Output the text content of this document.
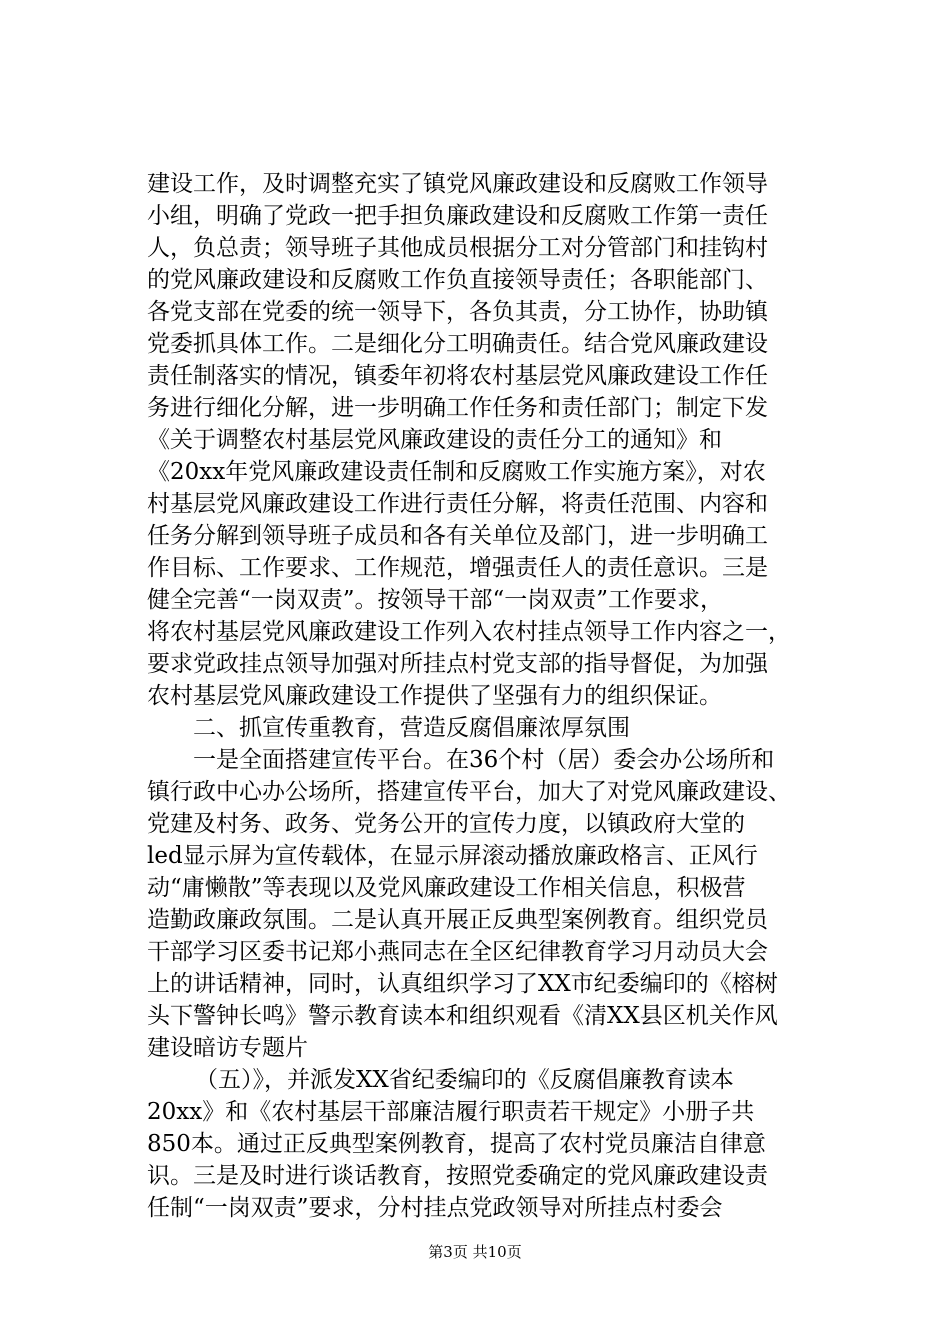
建设工作，及时调整充实了镇党风廉政建设和反腐败工作领导
小组，明确了党政一把手担负廉政建设和反腐败工作第一责任
人，负总责；领导班子其他成员根据分工对分管部门和挂钩村
的党风廉政建设和反腐败工作负直接领导责任；各职能部门、
各党支部在党委的统一领导下，各负其责，分工协作，协助镇
党委抓具体工作。二是细化分工明确责任。结合党风廉政建设
责任制落实的情况，镇委年初将农村基层党风廉政建设工作任
务进行细化分解，进一步明确工作任务和责任部门；制定下发
《关于调整农村基层党风廉政建设的责任分工的通知》和
《20xx年党风廉政建设责任制和反腐败工作实施方案》，对农
村基层党风廉政建设工作进行责任分解，将责任范围、内容和
任务分解到领导班子成员和各有关单位及部门，进一步明确工
作目标、工作要求、工作规范，增强责任人的责任意识。三是
健全完善“一岗双责”。按领导干部“一岗双责”工作要求，
将农村基层党风廉政建设工作列入农村挂点领导工作内容之一，
要求党政挂点领导加强对所挂点村党支部的指导督促，为加强
农村基层党风廉政建设工作提供了坚强有力的组织保证。
二、抓宣传重教育，营造反腐倡廉浓厚氛围
一是全面搭建宣传平台。在36个村（居）委会办公场所和
镇行政中心办公场所，搭建宣传平台，加大了对党风廉政建设、
党建及村务、政务、党务公开的宣传力度，以镇政府大堂的
led显示屏为宣传载体，在显示屏滚动播放廉政格言、正风行
动“庸懒散”等表现以及党风廉政建设工作相关信息，积极营
造勤政廉政氛围。二是认真开展正反典型案例教育。组织党员
干部学习区委书记郑小燕同志在全区纪律教育学习月动员大会
上的讲话精神，同时，认真组织学习了XX市纪委编印的《榕树
头下警钟长鸣》警示教育读本和组织观看《清XX县区机关作风
建设暗访专题片
（五）》，并派发XX省纪委编印的《反腐倡廉教育读本
20xx》和《农村基层干部廉洁履行职责若干规定》小册子共
850本。通过正反典型案例教育，提高了农村党员廉洁自律意
识。三是及时进行谈话教育，按照党委确定的党风廉政建设责
任制“一岗双责”要求，分村挂点党政领导对所挂点村委会
第3页 共10页
